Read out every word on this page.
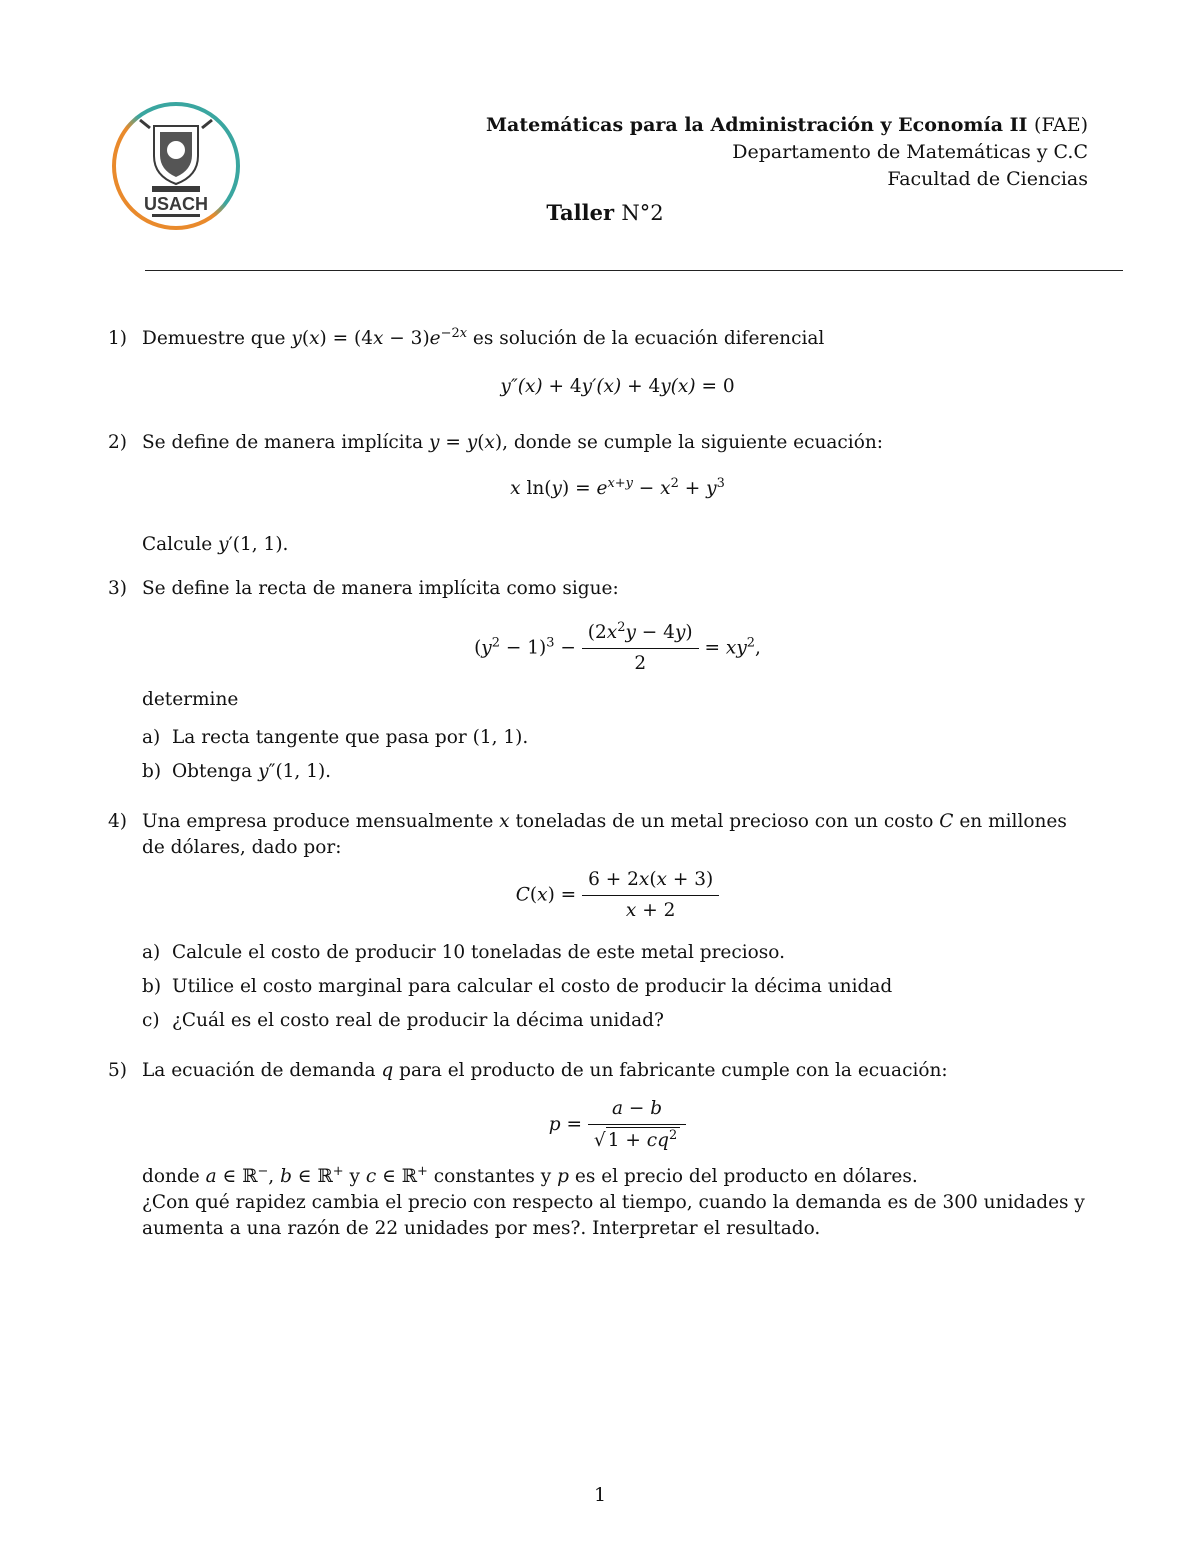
USACH
Matemáticas para la Administración y Economía II (FAE)
Departamento de Matemáticas y C.C
Facultad de Ciencias
Taller N°2
1) Demuestre que $y(x) = (4x - 3)e^{-2x}$ es solución de la ecuación diferencial
y″(x) + 4y′(x) + 4y(x) = 0
2) Se define de manera implícita y = y(x), donde se cumple la siguiente ecuación:
x $\ln(y) = e^{x+y} - x^2 + y^3$
Calcule y′(1, 1).
3) Se define la recta de manera implícita como sigue:
$(y^2 - 1)^3 - \frac{(2x^2y - 4y)}{2} = xy^2$,
determine
a) La recta tangente que pasa por (1, 1).
b) Obtenga y″(1, 1).
4) Una empresa produce mensualmente x toneladas de un metal precioso con un costo C en millones de dólares, dado por:
$C(x) = \frac{6 + 2x(x + 3)}{x + 2}$
a) Calcule el costo de producir 10 toneladas de este metal precioso.
b) Utilice el costo marginal para calcular el costo de producir la décima unidad
c) ¿Cuál es el costo real de producir la décima unidad?
5) La ecuación de demanda q para el producto de un fabricante cumple con la ecuación:
$p = \frac{a - b}{√ 1 + cq^2}$
donde a ∈ ℝ−, b ∈ ℝ+ y c ∈ ℝ+ constantes y p es el precio del producto en dólares.
¿Con qué rapidez cambia el precio con respecto al tiempo, cuando la demanda es de 300 unidades y aumenta a una razón de 22 unidades por mes?. Interpretar el resultado.
1
